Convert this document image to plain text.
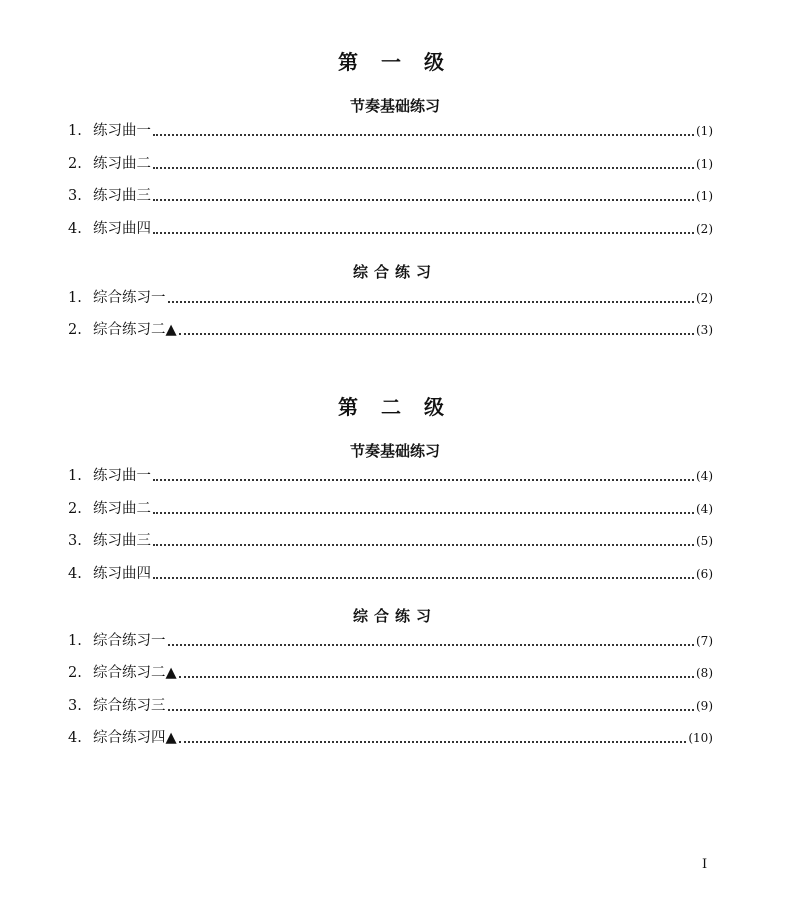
第 一 级
节奏基础练习
1. 练习曲一	(1)
2. 练习曲二	(1)
3. 练习曲三	(1)
4. 练习曲四	(2)
综合练习
1. 综合练习一	(2)
2. 综合练习二▲	(3)
第 二 级
节奏基础练习
1. 练习曲一	(4)
2. 练习曲二	(4)
3. 练习曲三	(5)
4. 练习曲四	(6)
综合练习
1. 综合练习一	(7)
2. 综合练习二▲	(8)
3. 综合练习三	(9)
4. 综合练习四▲	(10)
I
